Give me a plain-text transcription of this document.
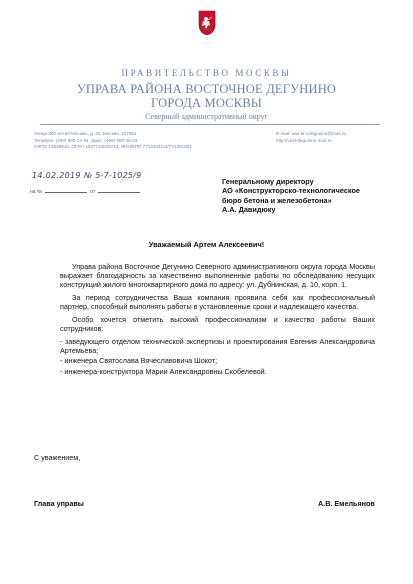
ПРАВИТЕЛЬСТВО МОСКВЫ
УПРАВА РАЙОНА ВОСТОЧНОЕ ДЕГУНИНО
ГОРОДА МОСКВЫ
Северный административный округ
Улица 800-летия Москвы, д. 32, Москва, 127591
Телефон: (499) 900-14-54, факс: (499) 900-46-33
ОКПО 13546910, ОГРН 1027713025713, ИНН/КПП 7713334111/771301001
E-mail: uao-sr-vdegunino@mos.ru
http://vost-degunino.mos.ru
14.02.2019 № 5-7-1025/9
на №	от
Генеральному директору
АО «Конструкторско-технологическое
бюро бетона и железобетона»
А.А. Давидюку
Уважаемый Артем Алексеевич!

Управа района Восточное Дегунино Северного административного округа города Москвы выражает благодарность за качественно выполненные работы по обследованию несущих конструкций жилого многоквартирного дома по адресу: ул. Дубнинская, д. 10, корп. 1.

За период сотрудничества Ваша компания проявила себя как профессиональный партнер, способный выполнять работы в установленные сроки и надлежащего качества.

Особо хочется отметить высокий профессионализм и качество работы Ваших сотрудников:

- заведующего отделом технической экспертизы и проектирования Евгения Александровича Артемьева;

- инженера Святослава Вячеславовича Шокот;

- инженера-конструктора Марии Александровны Скобелевой.

С уважением,
Глава управы	А.В. Емельянов
